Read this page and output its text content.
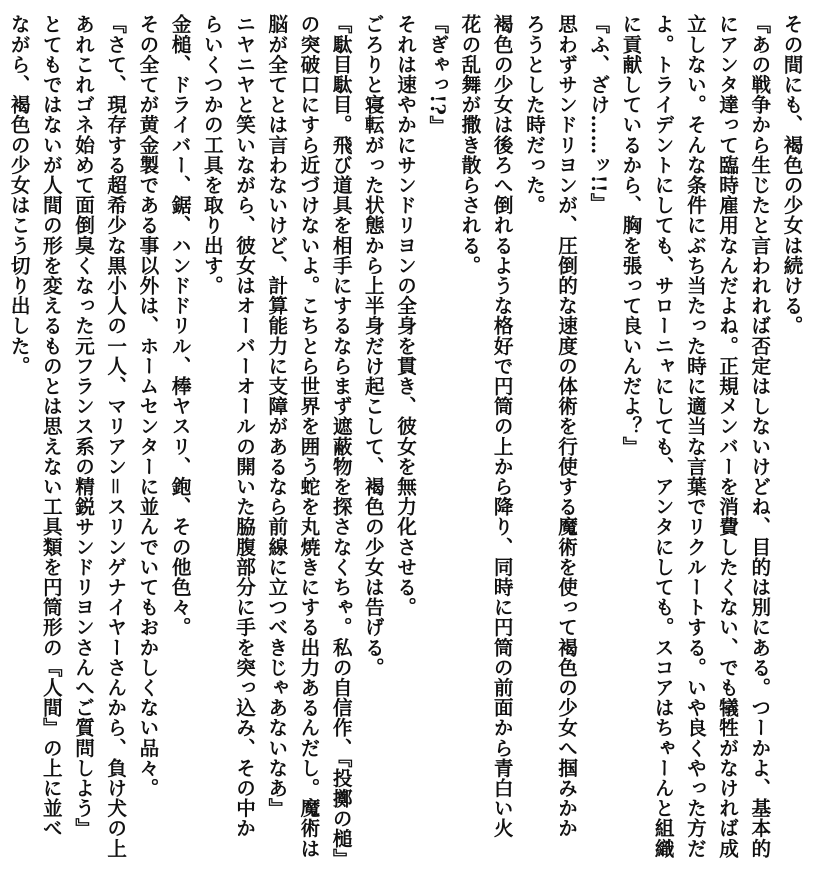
その間にも、褐色の少女は続ける。
『あの戦争から生じたと言われれば否定はしないけどね、目的は別にある。つーかよ、基本的
にアンタ達って臨時雇用なんだよね。正規メンバーを消費したくない、でも犠牲がなければ成
立しない。そんな条件にぶち当たった時に適当な言葉でリクルートする。いや良くやった方だ
よ。トライデントにしても、サローニャにしても、アンタにしても。スコアはちゃーんと組織
に貢献しているから、胸を張って良いんだよ？』
『ふ、ざけ……ッ!!』
思わずサンドリヨンが、圧倒的な速度の体術を行使する魔術を使って褐色の少女へ掴みかか
ろうとした時だった。
褐色の少女は後ろへ倒れるような格好で円筒の上から降り、同時に円筒の前面から青白い火
花の乱舞が撒き散らされる。
『ぎゃっ!?』
それは速やかにサンドリヨンの全身を貫き、彼女を無力化させる。
ごろりと寝転がった状態から上半身だけ起こして、褐色の少女は告げる。
『駄目駄目。飛び道具を相手にするならまず遮蔽物を探さなくちゃ。私の自信作、『投擲の槌』
の突破口にすら近づけないよ。こちとら世界を囲う蛇を丸焼きにする出力あるんだし。魔術は
脳が全てとは言わないけど、計算能力に支障があるなら前線に立つべきじゃあないなあ』
ニヤニヤと笑いながら、彼女はオーバーオールの開いた脇腹部分に手を突っ込み、その中か
らいくつかの工具を取り出す。
金槌、ドライバー、鋸、ハンドドリル、棒ヤスリ、鉋、その他色々。
その全てが黄金製である事以外は、ホームセンターに並んでいてもおかしくない品々。
『さて、現存する超希少な黒小人の一人、マリアン＝スリンゲナイヤーさんから、負け犬の上
あれこれゴネ始めて面倒臭くなった元フランス系の精鋭サンドリヨンさんへご質問しよう』
とてもではないが人間の形を変えるものとは思えない工具類を円筒形の『人間』の上に並べ
ながら、褐色の少女はこう切り出した。
